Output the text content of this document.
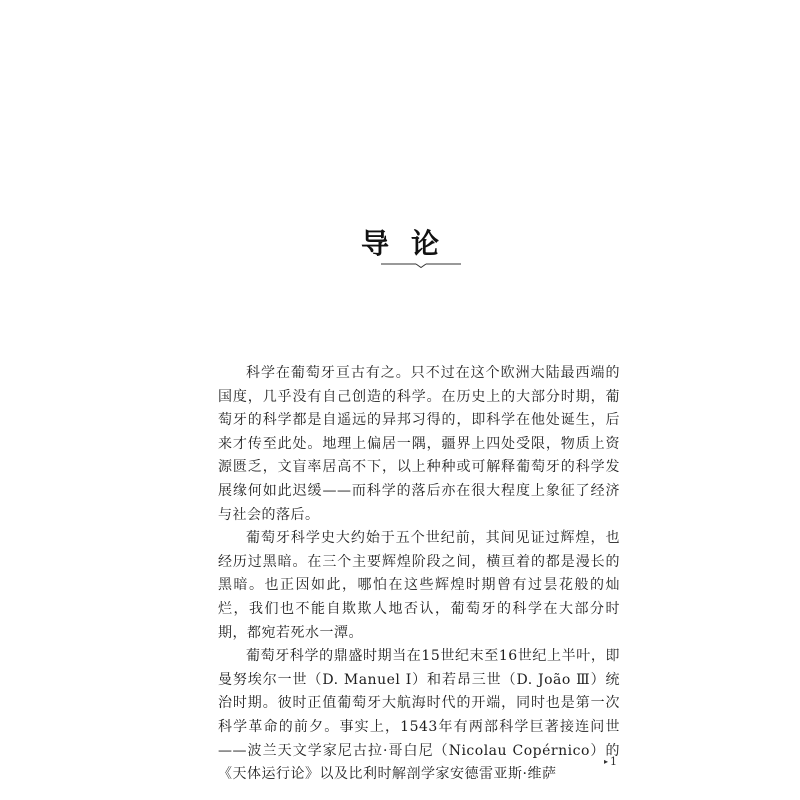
导论

科学在葡萄牙亘古有之。只不过在这个欧洲大陆最西端的国度，几乎没有自己创造的科学。在历史上的大部分时期，葡萄牙的科学都是自遥远的异邦习得的，即科学在他处诞生，后来才传至此处。地理上偏居一隅，疆界上四处受限，物质上资源匮乏，文盲率居高不下，以上种种或可解释葡萄牙的科学发展缘何如此迟缓——而科学的落后亦在很大程度上象征了经济与社会的落后。

葡萄牙科学史大约始于五个世纪前，其间见证过辉煌，也经历过黑暗。在三个主要辉煌阶段之间，横亘着的都是漫长的黑暗。也正因如此，哪怕在这些辉煌时期曾有过昙花般的灿烂，我们也不能自欺欺人地否认，葡萄牙的科学在大部分时期，都宛若死水一潭。

葡萄牙科学的鼎盛时期当在15世纪末至16世纪上半叶，即曼努埃尔一世（D. Manuel Ⅰ）和若昂三世（D. João Ⅲ）统治时期。彼时正值葡萄牙大航海时代的开端，同时也是第一次科学革命的前夕。事实上，1543年有两部科学巨著接连问世——波兰天文学家尼古拉·哥白尼（Nicolau Copérnico）的《天体运行论》以及比利时解剖学家安德雷亚斯·维萨

▸ 1
